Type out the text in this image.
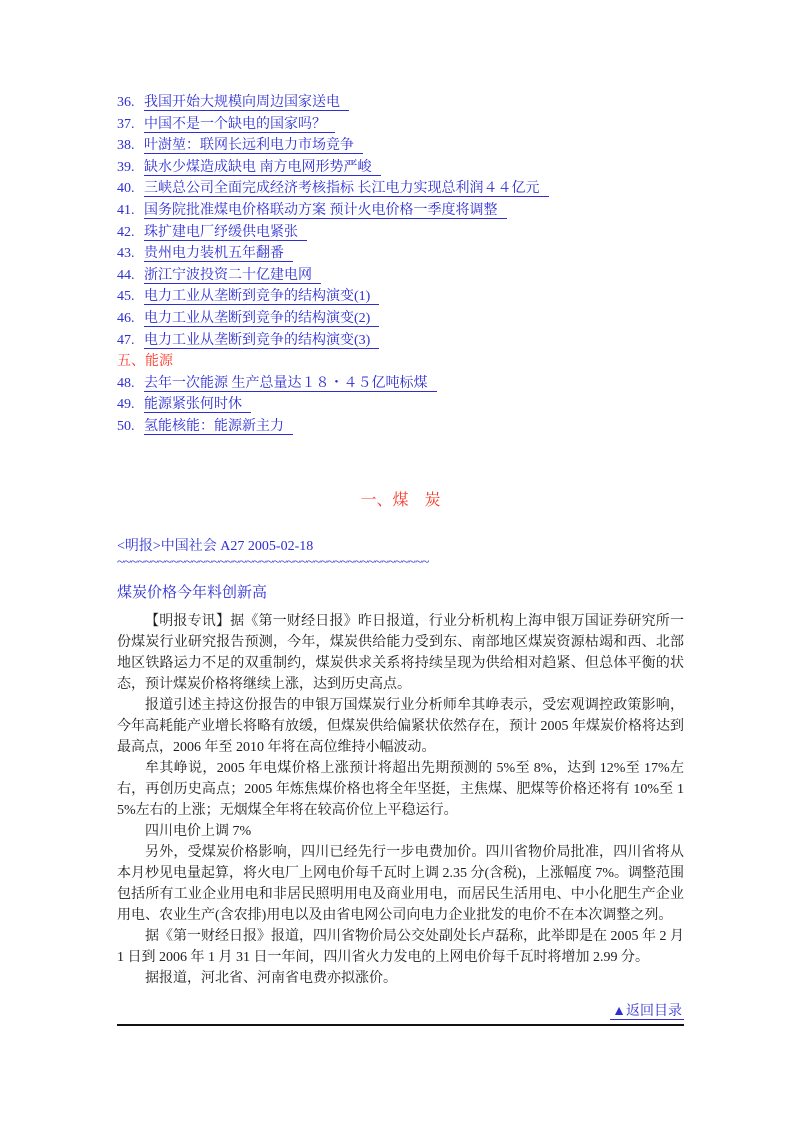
36. 我国开始大规模向周边国家送电
37. 中国不是一个缺电的国家吗？
38. 叶澍堃：联网长远利电力市场竞争
39. 缺水少煤造成缺电 南方电网形势严峻
40. 三峡总公司全面完成经济考核指标 长江电力实现总利润４４亿元
41. 国务院批准煤电价格联动方案 预计火电价格一季度将调整
42. 珠扩建电厂纾缓供电紧张
43. 贵州电力装机五年翻番
44. 浙江宁波投资二十亿建电网
45. 电力工业从垄断到竞争的结构演变(1)
46. 电力工业从垄断到竞争的结构演变(2)
47. 电力工业从垄断到竞争的结构演变(3)
五、能源
48. 去年一次能源 生产总量达１８・４５亿吨标煤
49. 能源紧张何时休
50. 氢能核能：能源新主力
一、煤　炭
<明报>中国社会 A27 2005-02-18
~~~~~~~~~~~~~~~~~~~~~~~~~~~~~~~~~~~~~~~~~~~~~~
煤炭价格今年料创新高

【明报专讯】据《第一财经日报》昨日报道，行业分析机构上海申银万国证券研究所一份煤炭行业研究报告预测，今年，煤炭供给能力受到东、南部地区煤炭资源枯竭和西、北部地区铁路运力不足的双重制约，煤炭供求关系将持续呈现为供给相对趋紧、但总体平衡的状态，预计煤炭价格将继续上涨，达到历史高点。

报道引述主持这份报告的申银万国煤炭行业分析师牟其峥表示，受宏观调控政策影响，今年高耗能产业增长将略有放缓，但煤炭供给偏紧状依然存在，预计 2005 年煤炭价格将达到最高点，2006 年至 2010 年将在高位维持小幅波动。

牟其峥说，2005 年电煤价格上涨预计将超出先期预测的 5%至 8%，达到 12%至 17%左右，再创历史高点；2005 年炼焦煤价格也将全年坚挺，主焦煤、肥煤等价格还将有 10%至 15%左右的上涨；无烟煤全年将在较高价位上平稳运行。

四川电价上调 7%

另外，受煤炭价格影响，四川已经先行一步电费加价。四川省物价局批准，四川省将从本月杪见电量起算，将火电厂上网电价每千瓦时上调 2.35 分(含税)，上涨幅度 7%。调整范围包括所有工业企业用电和非居民照明用电及商业用电，而居民生活用电、中小化肥生产企业用电、农业生产(含农排)用电以及由省电网公司向电力企业批发的电价不在本次调整之列。

据《第一财经日报》报道，四川省物价局公交处副处长卢磊称，此举即是在 2005 年 2 月 1 日到 2006 年 1 月 31 日一年间，四川省火力发电的上网电价每千瓦时将增加 2.99 分。

据报道，河北省、河南省电费亦拟涨价。

▲返回目录
